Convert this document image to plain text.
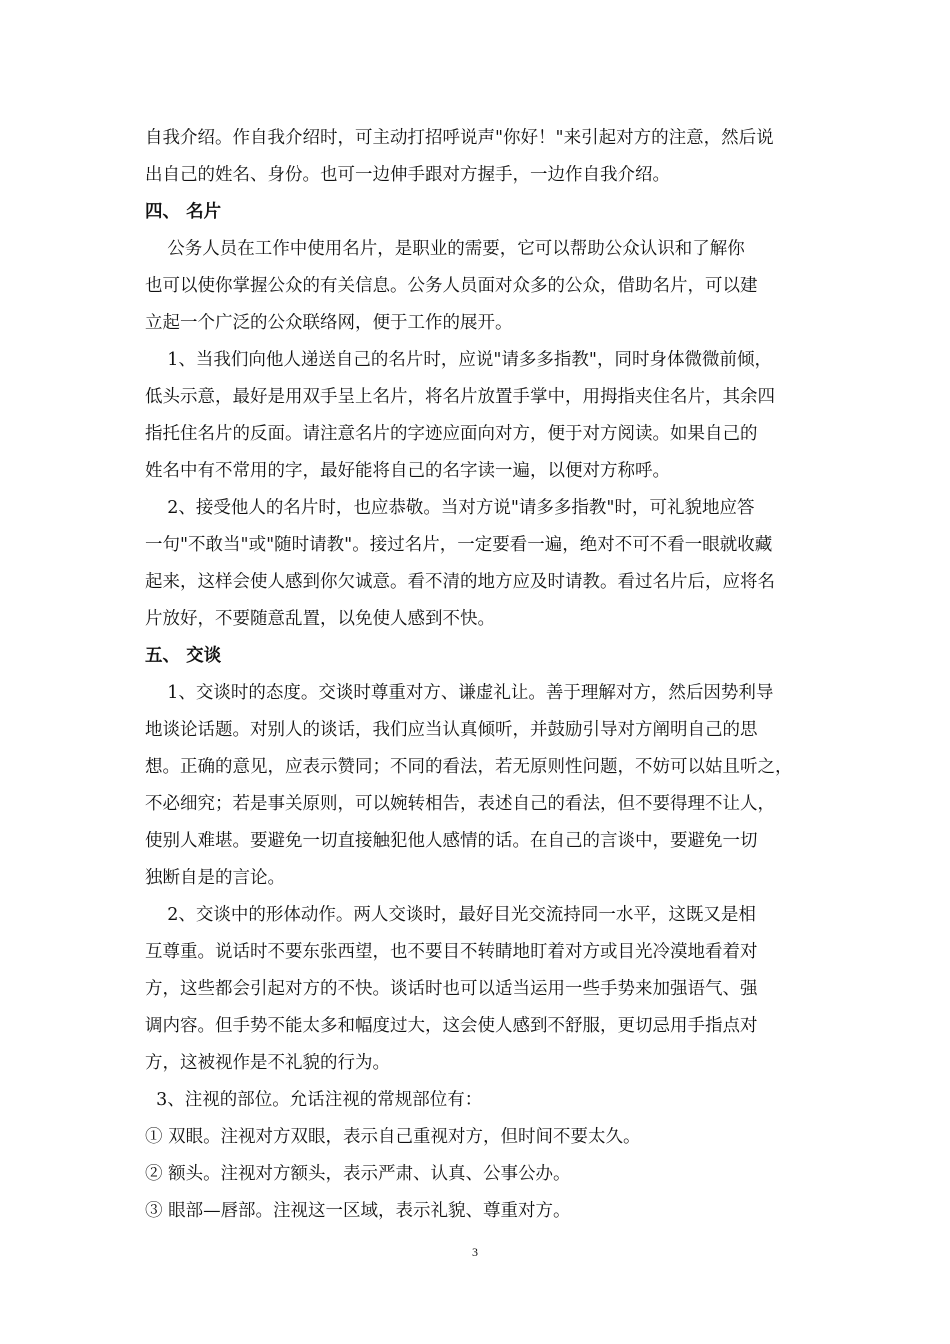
自我介绍。作自我介绍时，可主动打招呼说声"你好！"来引起对方的注意，然后说
出自己的姓名、身份。也可一边伸手跟对方握手，一边作自我介绍。
四、 名片
公务人员在工作中使用名片，是职业的需要，它可以帮助公众认识和了解你
也可以使你掌握公众的有关信息。公务人员面对众多的公众，借助名片，可以建
立起一个广泛的公众联络网，便于工作的展开。
1、当我们向他人递送自己的名片时，应说"请多多指教"，同时身体微微前倾，
低头示意，最好是用双手呈上名片，将名片放置手掌中，用拇指夹住名片，其余四
指托住名片的反面。请注意名片的字迹应面向对方，便于对方阅读。如果自己的
姓名中有不常用的字，最好能将自己的名字读一遍，以便对方称呼。
2、接受他人的名片时，也应恭敬。当对方说"请多多指教"时，可礼貌地应答
一句"不敢当"或"随时请教"。接过名片，一定要看一遍，绝对不可不看一眼就收藏
起来，这样会使人感到你欠诚意。看不清的地方应及时请教。看过名片后，应将名
片放好，不要随意乱置，以免使人感到不快。
五、 交谈
1、交谈时的态度。交谈时尊重对方、谦虚礼让。善于理解对方，然后因势利导
地谈论话题。对别人的谈话，我们应当认真倾听，并鼓励引导对方阐明自己的思
想。正确的意见，应表示赞同；不同的看法，若无原则性问题，不妨可以姑且听之，
不必细究；若是事关原则，可以婉转相告，表述自己的看法，但不要得理不让人，
使别人难堪。要避免一切直接触犯他人感情的话。在自己的言谈中，要避免一切
独断自是的言论。
2、交谈中的形体动作。两人交谈时，最好目光交流持同一水平，这既又是相
互尊重。说话时不要东张西望，也不要目不转睛地盯着对方或目光冷漠地看着对
方，这些都会引起对方的不快。谈话时也可以适当运用一些手势来加强语气、强
调内容。但手势不能太多和幅度过大，这会使人感到不舒服，更切忌用手指点对
方，这被视作是不礼貌的行为。
3、注视的部位。允话注视的常规部位有：
① 双眼。注视对方双眼，表示自己重视对方，但时间不要太久。
② 额头。注视对方额头，表示严肃、认真、公事公办。
③ 眼部—唇部。注视这一区域，表示礼貌、尊重对方。
3
